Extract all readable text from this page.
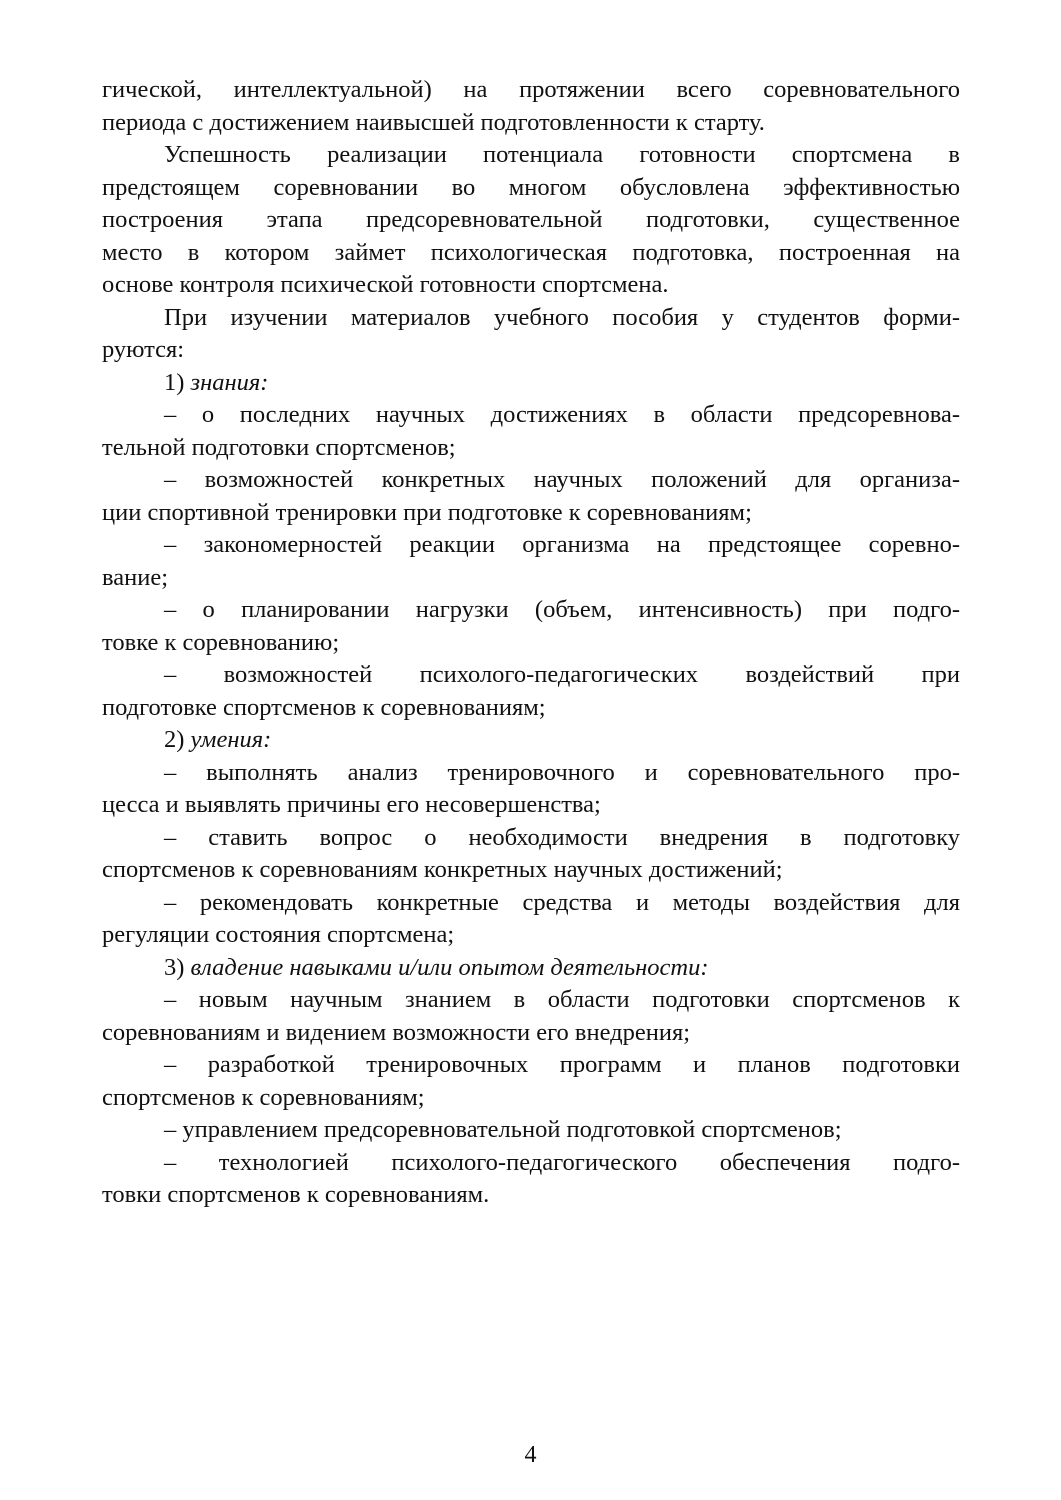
гической, интеллектуальной) на протяжении всего соревновательного
периода с достижением наивысшей подготовленности к старту.
Успешность реализации потенциала готовности спортсмена в
предстоящем соревновании во многом обусловлена эффективностью
построения этапа предсоревновательной подготовки, существенное
место в котором займет психологическая подготовка, построенная на
основе контроля психической готовности спортсмена.
При изучении материалов учебного пособия у студентов форми-
руются:
1) знания:
– о последних научных достижениях в области предсоревнова-
тельной подготовки спортсменов;
– возможностей конкретных научных положений для организа-
ции спортивной тренировки при подготовке к соревнованиям;
– закономерностей реакции организма на предстоящее соревно-
вание;
– о планировании нагрузки (объем, интенсивность) при подго-
товке к соревнованию;
– возможностей психолого-педагогических воздействий при
подготовке спортсменов к соревнованиям;
2) умения:
– выполнять анализ тренировочного и соревновательного про-
цесса и выявлять причины его несовершенства;
– ставить вопрос о необходимости внедрения в подготовку
спортсменов к соревнованиям конкретных научных достижений;
– рекомендовать конкретные средства и методы воздействия для
регуляции состояния спортсмена;
3) владение навыками и/или опытом деятельности:
– новым научным знанием в области подготовки спортсменов к
соревнованиям и видением возможности его внедрения;
– разработкой тренировочных программ и планов подготовки
спортсменов к соревнованиям;
– управлением предсоревновательной подготовкой спортсменов;
– технологией психолого-педагогического обеспечения подго-
товки спортсменов к соревнованиям.
4
